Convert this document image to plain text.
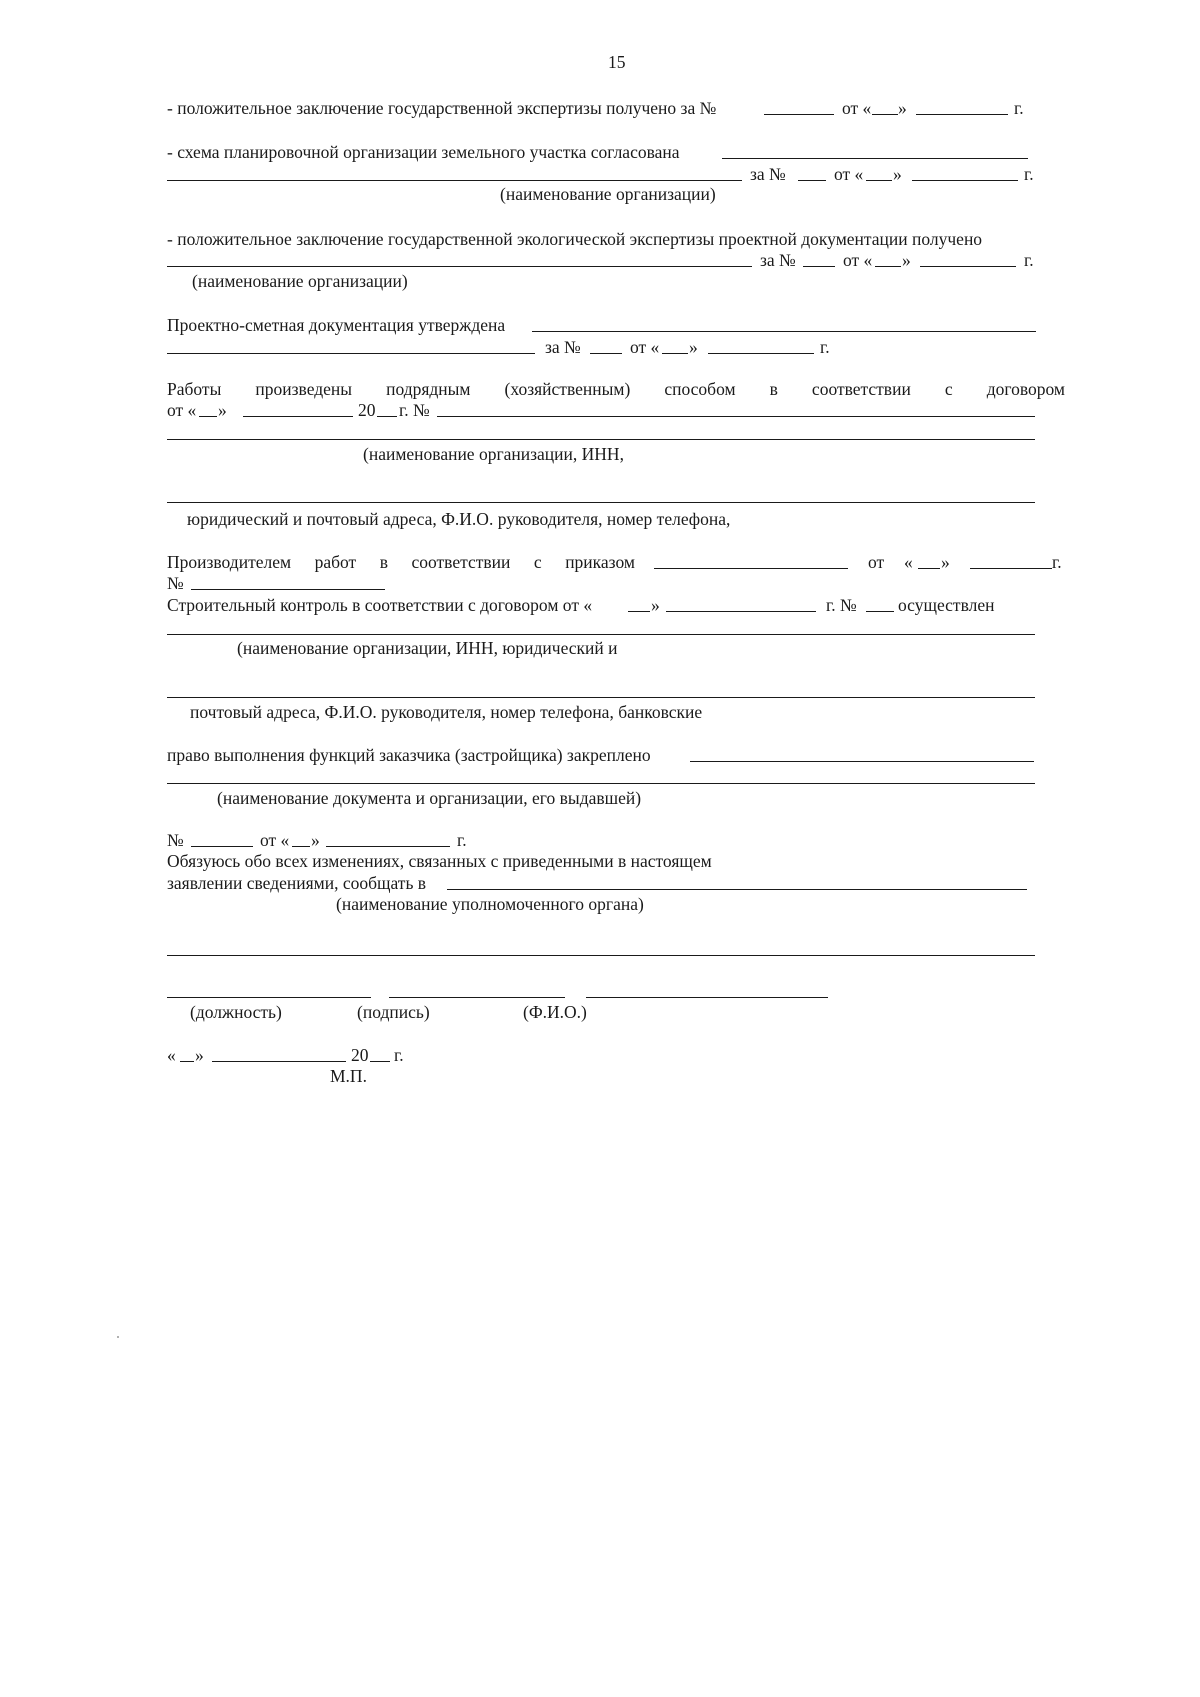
15
- положительное заключение государственной экспертизы получено за №	от « »	г.
- схема планировочной организации земельного участка согласована
за №	от « »	г.
(наименование организации)
- положительное заключение государственной экологической экспертизы проектной документации получено
за №	от « »	г.
(наименование организации)
Проектно-сметная документация утверждена
за №	от « »	г.
Работы произведены подрядным (хозяйственным) способом в соответствии с договором
от « »	20 г. №
(наименование организации, ИНН,
юридический и почтовый адреса, Ф.И.О. руководителя, номер телефона,
Производителем работ в соответствии с приказом	от « »	г.
№
Строительный контроль в соответствии с договором от «	»	г. № осуществлен
(наименование организации, ИНН, юридический и
почтовый адреса, Ф.И.О. руководителя, номер телефона, банковские
право выполнения функций заказчика (застройщика) закреплено
(наименование документа и организации, его выдавшей)
№	от « »	г.
Обязуюсь обо всех изменениях, связанных с приведенными в настоящем
заявлении сведениями, сообщать в
(наименование уполномоченного органа)
(должность)	(подпись)	(Ф.И.О.)
« »	20 г.
М.П.
